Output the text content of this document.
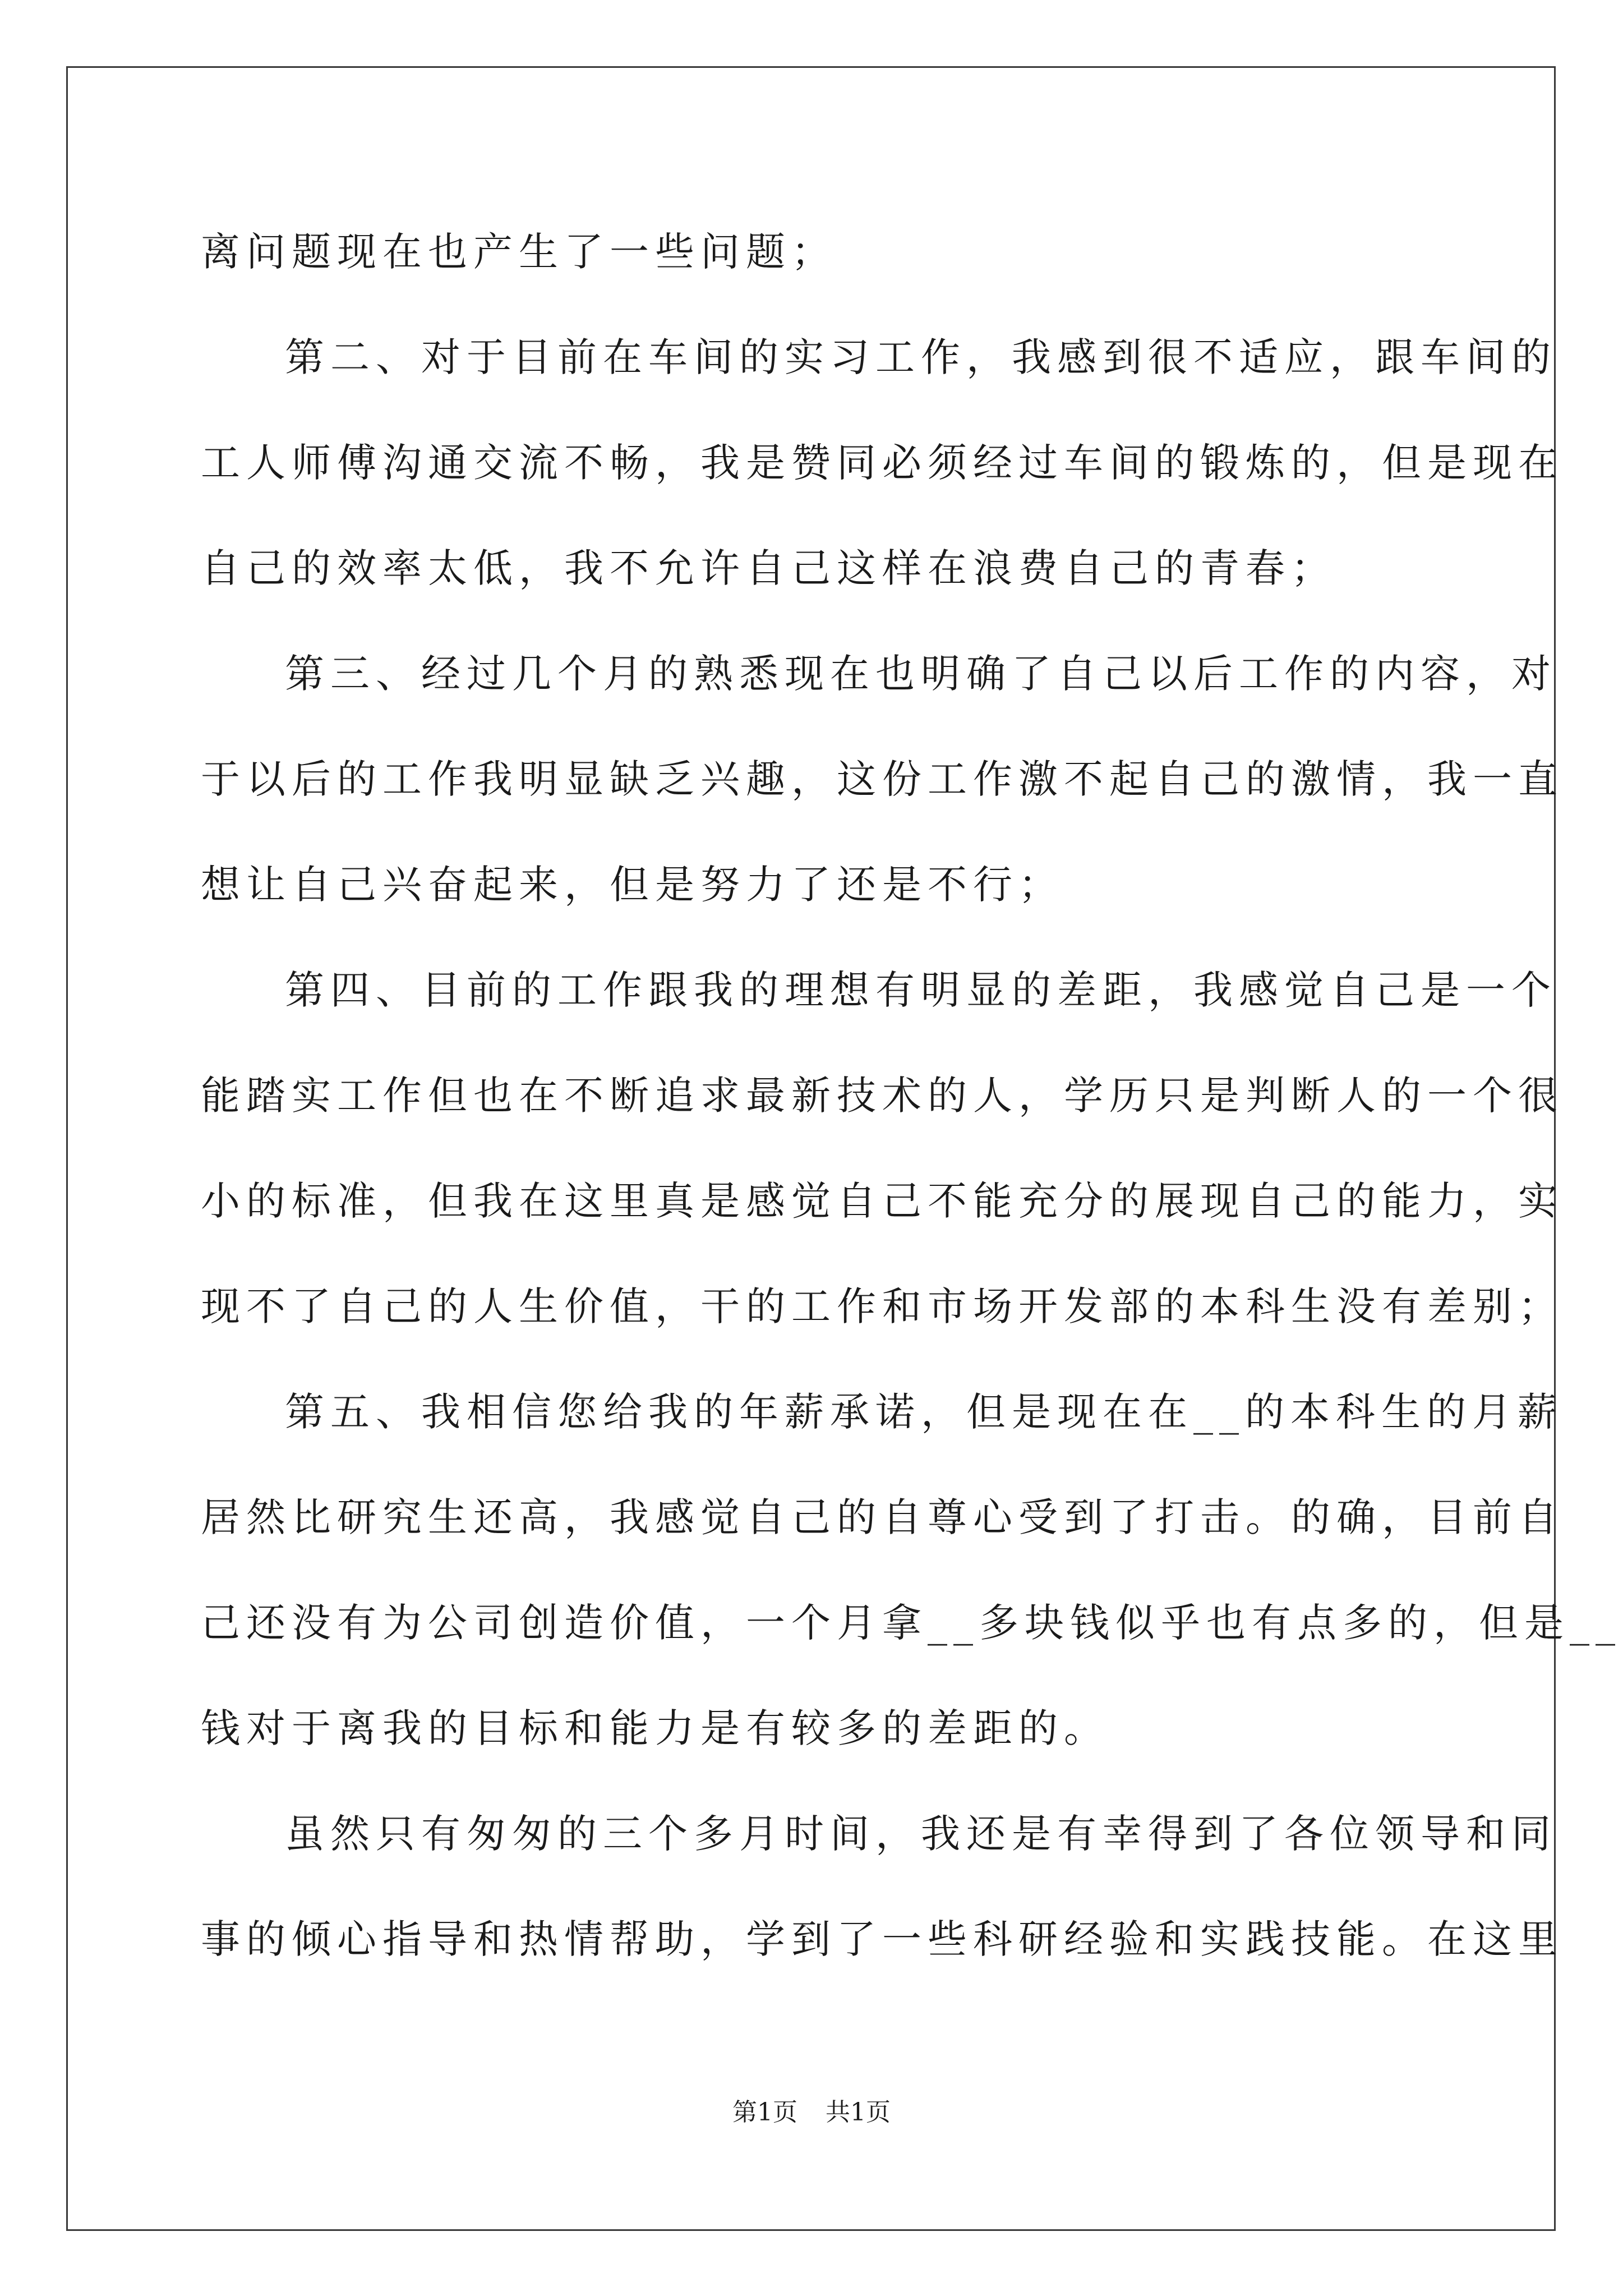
离问题现在也产生了一些问题；
第二、对于目前在车间的实习工作，我感到很不适应，跟车间的
工人师傅沟通交流不畅，我是赞同必须经过车间的锻炼的，但是现在
自己的效率太低，我不允许自己这样在浪费自己的青春；
第三、经过几个月的熟悉现在也明确了自己以后工作的内容，对
于以后的工作我明显缺乏兴趣，这份工作激不起自己的激情，我一直
想让自己兴奋起来，但是努力了还是不行；
第四、目前的工作跟我的理想有明显的差距，我感觉自己是一个
能踏实工作但也在不断追求最新技术的人，学历只是判断人的一个很
小的标准，但我在这里真是感觉自己不能充分的展现自己的能力，实
现不了自己的人生价值，干的工作和市场开发部的本科生没有差别；
第五、我相信您给我的年薪承诺，但是现在在__的本科生的月薪
居然比研究生还高，我感觉自己的自尊心受到了打击。的确，目前自
己还没有为公司创造价值，一个月拿__多块钱似乎也有点多的，但是__
钱对于离我的目标和能力是有较多的差距的。
虽然只有匆匆的三个多月时间，我还是有幸得到了各位领导和同
事的倾心指导和热情帮助，学到了一些科研经验和实践技能。在这里
第1页 共1页
